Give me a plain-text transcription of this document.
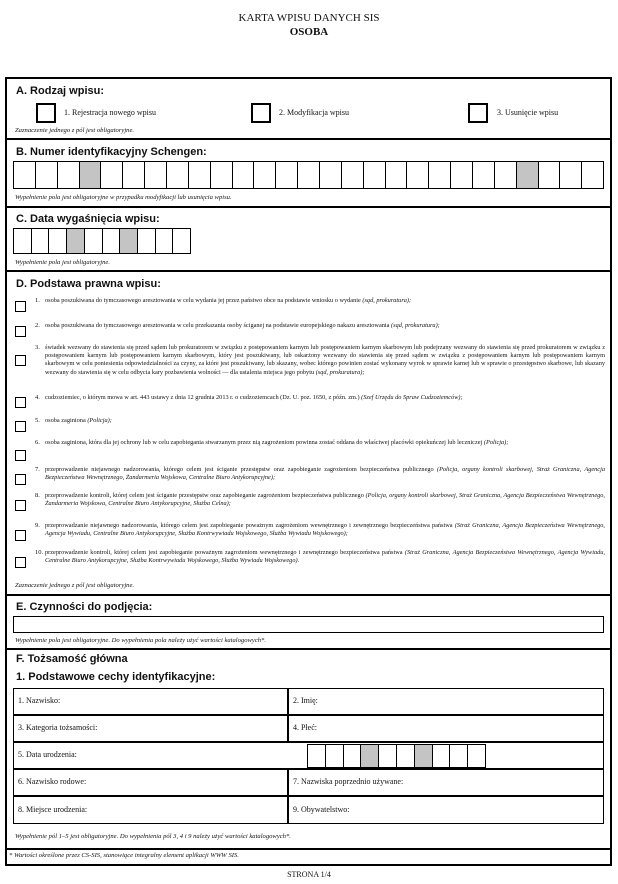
KARTA WPISU DANYCH SIS
OSOBA
A. Rodzaj wpisu:
1. Rejestracja nowego wpisu	2. Modyfikacja wpisu	3. Usunięcie wpisu
Zaznaczenie jednego z pól jest obligatoryjne.
B. Numer identyfikacyjny Schengen:
Wypełnienie pola jest obligatoryjne w przypadku modyfikacji lub usunięcia wpisu.
C. Data wygaśnięcia wpisu:
Wypełnienie pola jest obligatoryjne.
D. Podstawa prawna wpisu:
1. osoba poszukiwana do tymczasowego aresztowania w celu wydania jej przez państwo obce na podstawie wniosku o wydanie (sąd, prokuratura);
2. osoba poszukiwana do tymczasowego aresztowania w celu przekazania osoby ściganej na podstawie europejskiego nakazu aresztowania (sąd, prokuratura);
3. świadek wezwany do stawienia się przed sądem lub prokuratorem w związku z postępowaniem karnym lub postępowaniem karnym skarbowym lub podejrzany wezwany do stawienia się przed prokuratorem w związku z postępowaniem karnym lub postępowaniem karnym skarbowym, który jest poszukiwany, lub oskarżony wezwany do stawienia się przed sądem w związku z postępowaniem karnym lub postępowaniem karnym skarbowym w celu poniesienia odpowiedzialności za czyny, za które jest poszukiwany, lub skazany, wobec którego powinien zostać wykonany wyrok w sprawie karnej lub w sprawie o przestępstwo skarbowe, lub skazany wezwany do stawienia się w celu odbycia kary pozbawienia wolności — dla ustalenia miejsca jego pobytu (sąd, prokuratura);
4. cudzoziemiec, o którym mowa w art. 443 ustawy z dnia 12 grudnia 2013 r. o cudzoziemcach (Dz. U. poz. 1650, z późn. zm.) (Szef Urzędu do Spraw Cudzoziemców);
5. osoba zaginiona (Policja);
6. osoba zaginiona, która dla jej ochrony lub w celu zapobiegania stwarzanym przez nią zagrożeniom powinna zostać oddana do właściwej placówki opiekuńczej lub leczniczej (Policja);
7. przeprowadzenie niejawnego nadzorowania, którego celem jest ściganie przestępstw oraz zapobieganie zagrożeniom bezpieczeństwa publicznego (Policja, organy kontroli skarbowej, Straż Graniczna, Agencja Bezpieczeństwa Wewnętrznego, Żandarmeria Wojskowa, Centralne Biuro Antykorupcyjne);
8. przeprowadzenie kontroli, której celem jest ściganie przestępstw oraz zapobieganie zagrożeniom bezpieczeństwa publicznego (Policja, organy kontroli skarbowej, Straż Graniczna, Agencja Bezpieczeństwa Wewnętrznego, Żandarmeria Wojskowa, Centralne Biuro Antykorupcyjne, Służba Celna);
9. przeprowadzanie niejawnego nadzorowania, którego celem jest zapobieganie poważnym zagrożeniom wewnętrznego i zewnętrznego bezpieczeństwa państwa (Straż Graniczna, Agencja Bezpieczeństwa Wewnętrznego, Agencja Wywiadu, Centralne Biuro Antykorupcyjne, Służba Kontrwywiadu Wojskowego, Służba Wywiadu Wojskowego);
10. przeprowadzenie kontroli, której celem jest zapobieganie poważnym zagrożeniom wewnętrznego i zewnętrznego bezpieczeństwa państwa (Straż Graniczna, Agencja Bezpieczeństwa Wewnętrznego, Agencja Wywiadu, Centralne Biuro Antykorupcyjne, Służba Kontrwywiadu Wojskowego, Służba Wywiadu Wojskowego).
Zaznaczenie jednego z pól jest obligatoryjne.
E. Czynności do podjęcia:
Wypełnienie pola jest obligatoryjne. Do wypełnienia pola należy użyć wartości katalogowych*.
F. Tożsamość główna
1. Podstawowe cechy identyfikacyjne:
1. Nazwisko:	2. Imię:
3. Kategoria tożsamości:	4. Płeć:
5. Data urodzenia:
6. Nazwisko rodowe:	7. Nazwiska poprzednio używane:
8. Miejsce urodzenia:	9. Obywatelstwo:
Wypełnienie pól 1–5 jest obligatoryjne. Do wypełnienia pól 3, 4 i 9 należy użyć wartości katalogowych*.
* Wartości określone przez CS-SIS, stanowiące integralny element aplikacji WWW SIS.
STRONA 1/4
